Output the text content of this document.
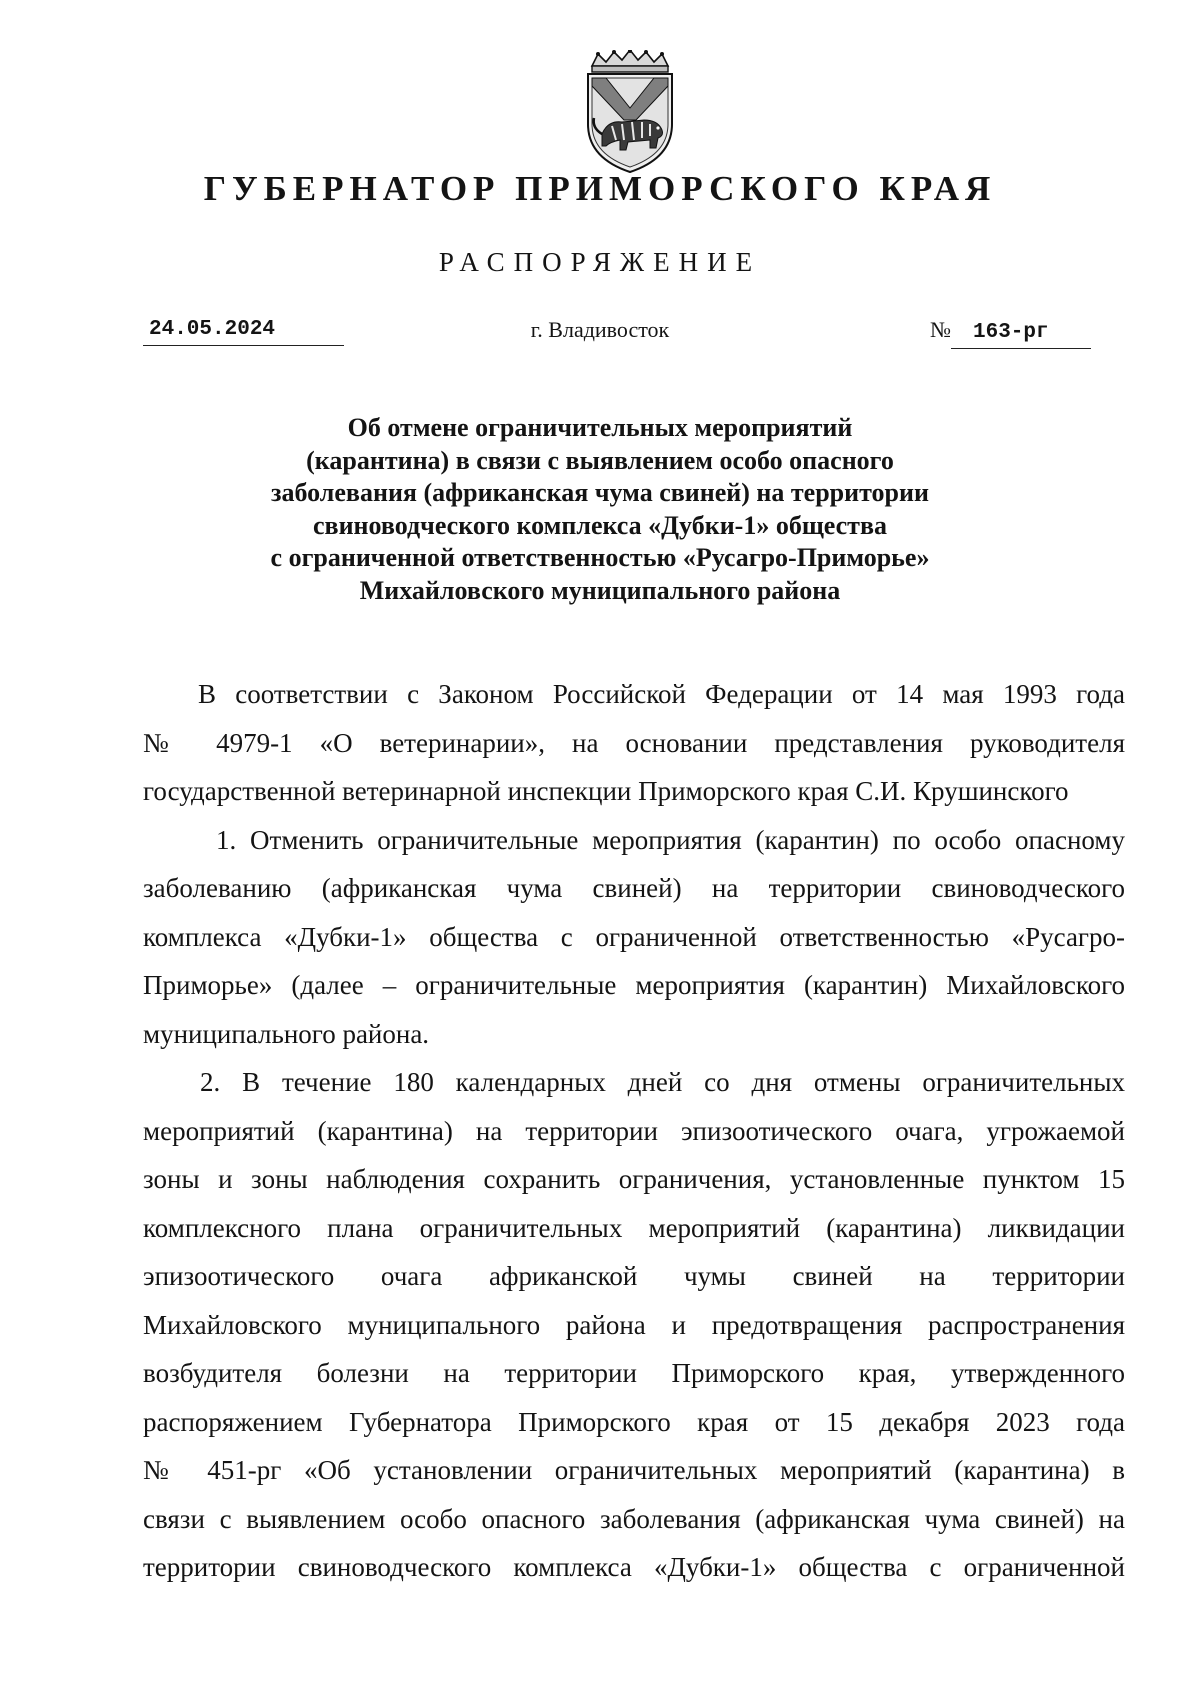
ГУБЕРНАТОР ПРИМОРСКОГО КРАЯ
РАСПОРЯЖЕНИЕ
24.05.2024	г. Владивосток	№ 163-рг
Об отмене ограничительных мероприятий
(карантина) в связи с выявлением особо опасного
заболевания (африканская чума свиней) на территории
свиноводческого комплекса «Дубки-1» общества
с ограниченной ответственностью «Русагро-Приморье»
Михайловского муниципального района
В соответствии с Законом Российской Федерации от 14 мая 1993 года
№ 4979-1 «О ветеринарии», на основании представления руководителя
государственной ветеринарной инспекции Приморского края С.И. Крушинского
1. Отменить ограничительные мероприятия (карантин) по особо опасному
заболеванию (африканская чума свиней) на территории свиноводческого
комплекса «Дубки-1» общества с ограниченной ответственностью «Русагро-
Приморье» (далее – ограничительные мероприятия (карантин) Михайловского
муниципального района.
2. В течение 180 календарных дней со дня отмены ограничительных
мероприятий (карантина) на территории эпизоотического очага, угрожаемой
зоны и зоны наблюдения сохранить ограничения, установленные пунктом 15
комплексного плана ограничительных мероприятий (карантина) ликвидации
эпизоотического очага африканской чумы свиней на территории
Михайловского муниципального района и предотвращения распространения
возбудителя болезни на территории Приморского края, утвержденного
распоряжением Губернатора Приморского края от 15 декабря 2023 года
№ 451-рг «Об установлении ограничительных мероприятий (карантина) в
связи с выявлением особо опасного заболевания (африканская чума свиней) на
территории свиноводческого комплекса «Дубки-1» общества с ограниченной
